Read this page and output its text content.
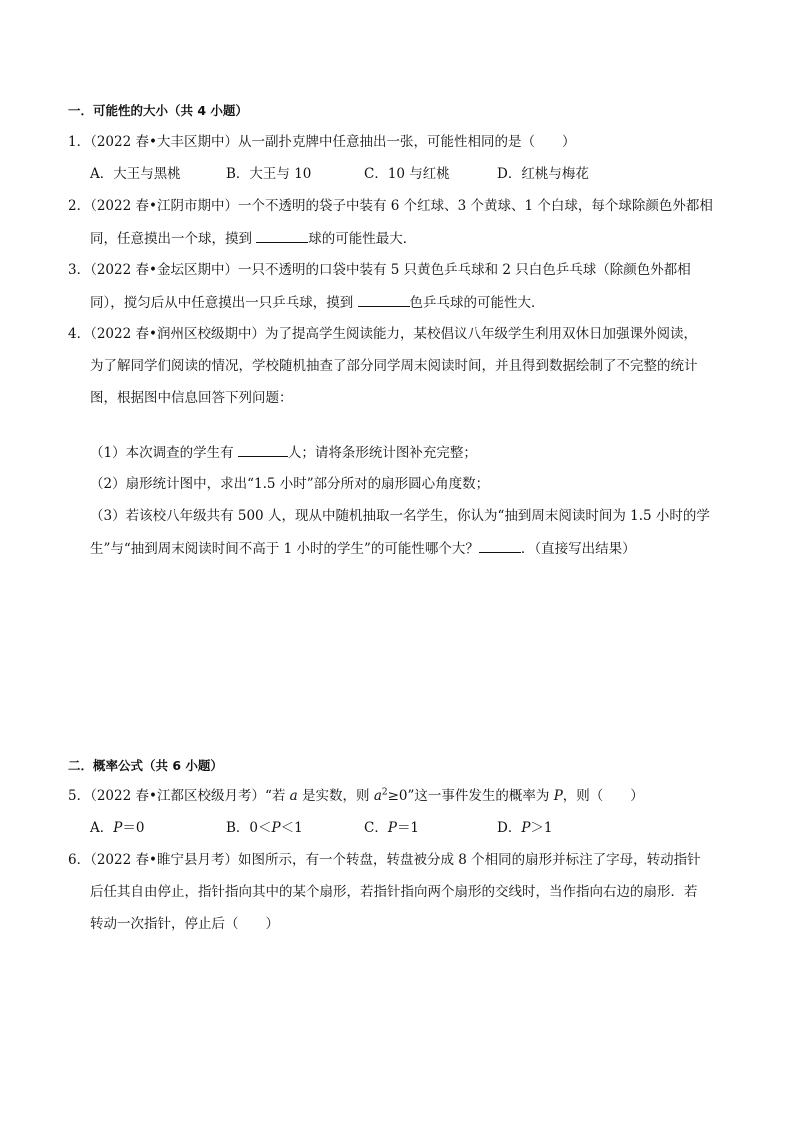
一．可能性的大小（共 4 小题）
1．（2022 春•大丰区期中）从一副扑克牌中任意抽出一张，可能性相同的是（　　）
A．大王与黑桃	B．大王与 10	C．10 与红桃	D．红桃与梅花
2．（2022 春•江阴市期中）一个不透明的袋子中装有 6 个红球、3 个黄球、1 个白球，每个球除颜色外都相
同，任意摸出一个球，摸到	球的可能性最大．
3．（2022 春•金坛区期中）一只不透明的口袋中装有 5 只黄色乒乓球和 2 只白色乒乓球（除颜色外都相
同），搅匀后从中任意摸出一只乒乓球，摸到	色乒乓球的可能性大．
4．（2022 春•润州区校级期中）为了提高学生阅读能力，某校倡议八年级学生利用双休日加强课外阅读，
为了解同学们阅读的情况，学校随机抽查了部分同学周末阅读时间，并且得到数据绘制了不完整的统计
图，根据图中信息回答下列问题：
（1）本次调查的学生有	人；请将条形统计图补充完整；
（2）扇形统计图中，求出“1.5 小时”部分所对的扇形圆心角度数；
（3）若该校八年级共有 500 人，现从中随机抽取一名学生，你认为“抽到周末阅读时间为 1.5 小时的学
生”与“抽到周末阅读时间不高于 1 小时的学生”的可能性哪个大？	．（直接写出结果）
二．概率公式（共 6 小题）
5．（2022 春•江都区校级月考）“若 a 是实数，则 $a^2\ge 0$”这一事件发生的概率为 P，则（　　）
A．P＝0	B．0＜P＜1	C．P＝1	D．P＞1
6．（2022 春•睢宁县月考）如图所示，有一个转盘，转盘被分成 8 个相同的扇形并标注了字母，转动指针
后任其自由停止，指针指向其中的某个扇形，若指针指向两个扇形的交线时，当作指向右边的扇形．若
转动一次指针，停止后（　　）
